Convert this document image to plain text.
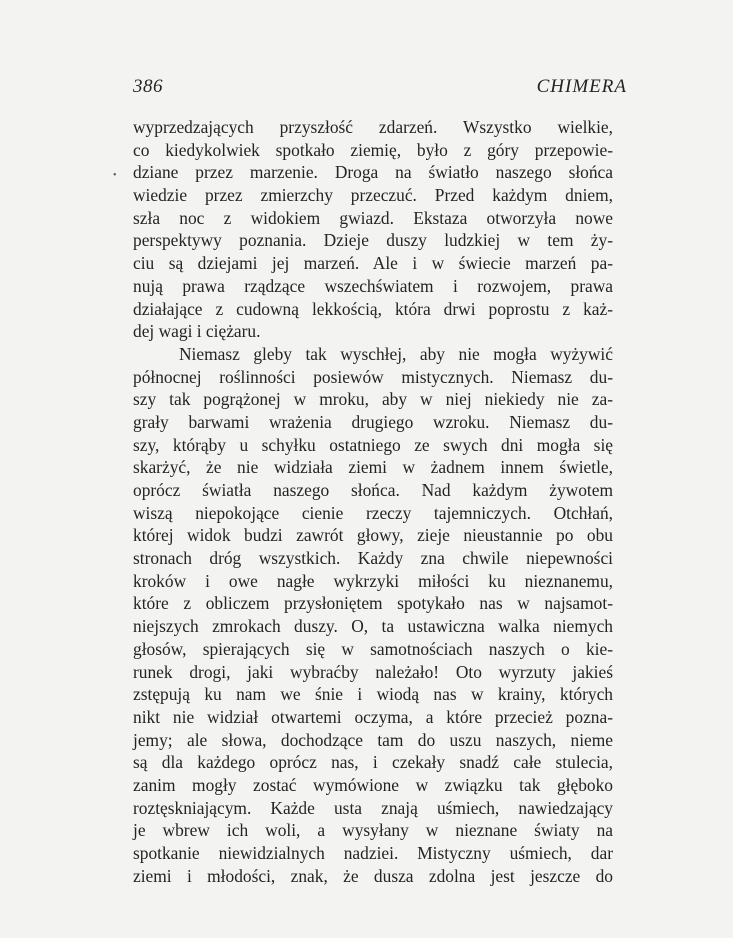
386	CHIMERA
•
wyprzedzających przyszłość zdarzeń. Wszystko wielkie,
co kiedykolwiek spotkało ziemię, było z góry przepowie-
dziane przez marzenie. Droga na światło naszego słońca
wiedzie przez zmierzchy przeczuć. Przed każdym dniem,
szła noc z widokiem gwiazd. Ekstaza otworzyła nowe
perspektywy poznania. Dzieje duszy ludzkiej w tem ży-
ciu są dziejami jej marzeń. Ale i w świecie marzeń pa-
nują prawa rządzące wszechświatem i rozwojem, prawa
działające z cudowną lekkością, która drwi poprostu z każ-
dej wagi i ciężaru.
Niemasz gleby tak wyschłej, aby nie mogła wyżywić
północnej roślinności posiewów mistycznych. Niemasz du-
szy tak pogrążonej w mroku, aby w niej niekiedy nie za-
grały barwami wrażenia drugiego wzroku. Niemasz du-
szy, którąby u schyłku ostatniego ze swych dni mogła się
skarżyć, że nie widziała ziemi w żadnem innem świetle,
oprócz światła naszego słońca. Nad każdym żywotem
wiszą niepokojące cienie rzeczy tajemniczych. Otchłań,
której widok budzi zawrót głowy, zieje nieustannie po obu
stronach dróg wszystkich. Każdy zna chwile niepewności
kroków i owe nagłe wykrzyki miłości ku nieznanemu,
które z obliczem przysłoniętem spotykało nas w najsamot-
niejszych zmrokach duszy. O, ta ustawiczna walka niemych
głosów, spierających się w samotnościach naszych o kie-
runek drogi, jaki wybraćby należało! Oto wyrzuty jakieś
zstępują ku nam we śnie i wiodą nas w krainy, których
nikt nie widział otwartemi oczyma, a które przecież pozna-
jemy; ale słowa, dochodzące tam do uszu naszych, nieme
są dla każdego oprócz nas, i czekały snadź całe stulecia,
zanim mogły zostać wymówione w związku tak głęboko
roztęskniającym. Każde usta znają uśmiech, nawiedzający
je wbrew ich woli, a wysyłany w nieznane światy na
spotkanie niewidzialnych nadziei. Mistyczny uśmiech, dar
ziemi i młodości, znak, że dusza zdolna jest jeszcze do
